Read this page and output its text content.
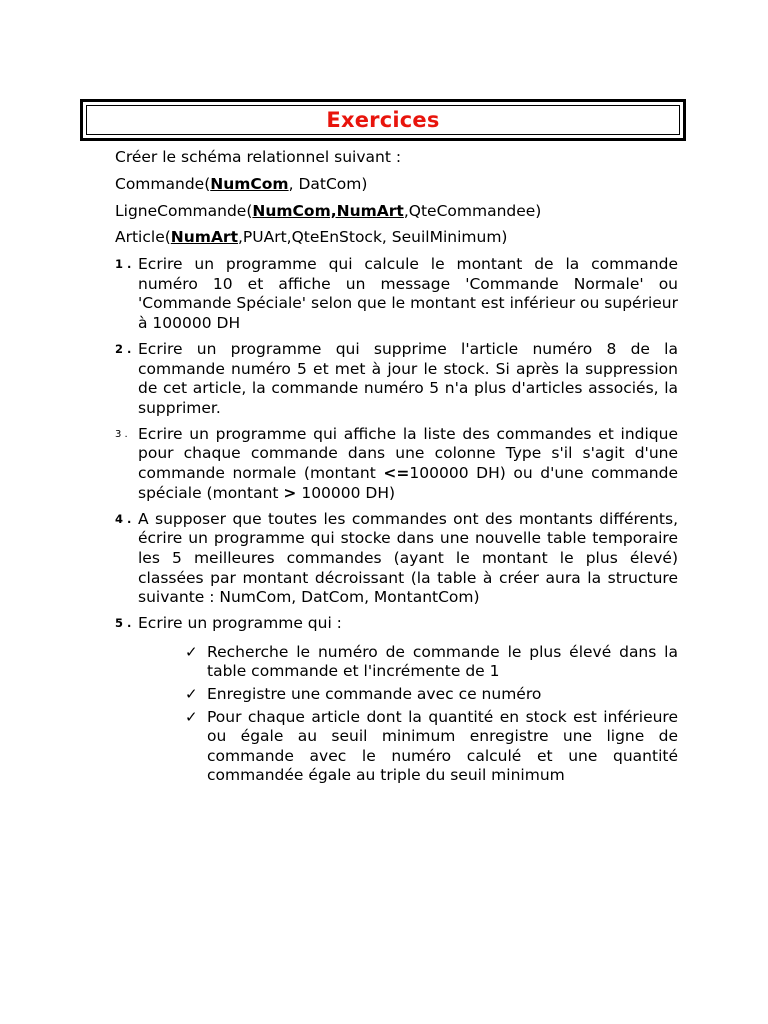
Exercices

Créer le schéma relationnel suivant :

Commande(NumCom, DatCom)

LigneCommande(NumCom,NumArt,QteCommandee)

Article(NumArt,PUArt,QteEnStock, SeuilMinimum)

1 . Ecrire un programme qui calcule le montant de la commande numéro 10 et affiche un message 'Commande Normale' ou 'Commande Spéciale' selon que le montant est inférieur ou supérieur à 100000 DH
2 . Ecrire un programme qui supprime l'article numéro 8 de la commande numéro 5 et met à jour le stock. Si après la suppression de cet article, la commande numéro 5 n'a plus d'articles associés, la supprimer.
3 . Ecrire un programme qui affiche la liste des commandes et indique pour chaque commande dans une colonne Type s'il s'agit d'une commande normale (montant <=100000 DH) ou d'une commande spéciale (montant > 100000 DH)
4 . A supposer que toutes les commandes ont des montants différents, écrire un programme qui stocke dans une nouvelle table temporaire les 5 meilleures commandes (ayant le montant le plus élevé) classées par montant décroissant (la table à créer aura la structure suivante : NumCom, DatCom, MontantCom)
5 . Ecrire un programme qui :
✓ Recherche le numéro de commande le plus élevé dans la table commande et l'incrémente de 1
✓ Enregistre une commande avec ce numéro
✓ Pour chaque article dont la quantité en stock est inférieure ou égale au seuil minimum enregistre une ligne de commande avec le numéro calculé et une quantité commandée égale au triple du seuil minimum
